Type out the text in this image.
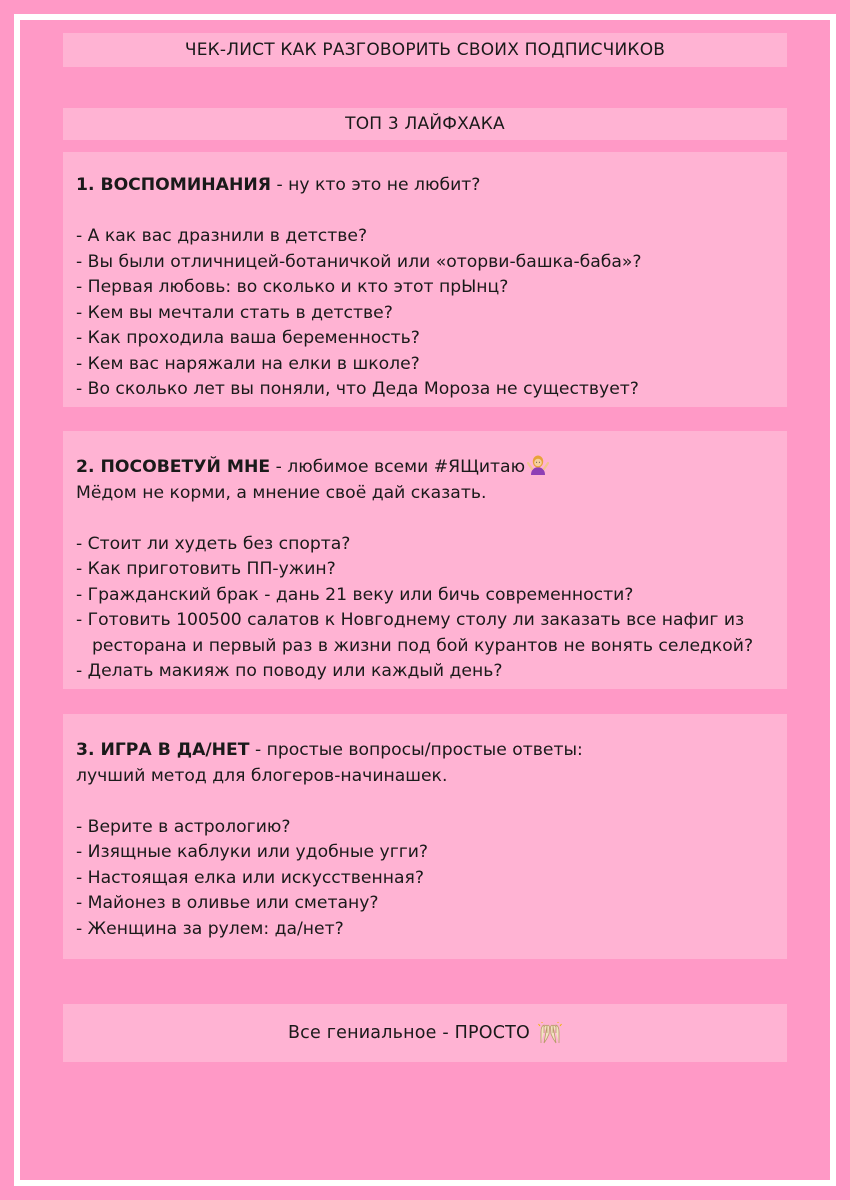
ЧЕК-ЛИСТ КАК РАЗГОВОРИТЬ СВОИХ ПОДПИСЧИКОВ
ТОП 3 ЛАЙФХАКА

1. ВОСПОМИНАНИЯ - ну кто это не любит?

- А как вас дразнили в детстве?

- Вы были отличницей-ботаничкой или «оторви-башка-баба»?

- Первая любовь: во сколько и кто этот прЫнц?

- Кем вы мечтали стать в детстве?

- Как проходила ваша беременность?

- Кем вас наряжали на елки в школе?

- Во сколько лет вы поняли, что Деда Мороза не существует?

2. ПОСОВЕТУЙ МНЕ - любимое всеми #ЯЩитаю

Мёдом не корми, а мнение своё дай сказать.

- Стоит ли худеть без спорта?

- Как приготовить ПП-ужин?

- Гражданский брак - дань 21 веку или бичь современности?

- Готовить 100500 салатов к Новгоднему столу ли заказать все нафиг из

ресторана и первый раз в жизни под бой курантов не вонять селедкой?

- Делать макияж по поводу или каждый день?

3. ИГРА В ДА/НЕТ - простые вопросы/простые ответы:

лучший метод для блогеров-начинашек.

- Верите в астрологию?

- Изящные каблуки или удобные угги?

- Настоящая елка или искусственная?

- Майонез в оливье или сметану?

- Женщина за рулем: да/нет?

Все гениальное - ПРОСТО
